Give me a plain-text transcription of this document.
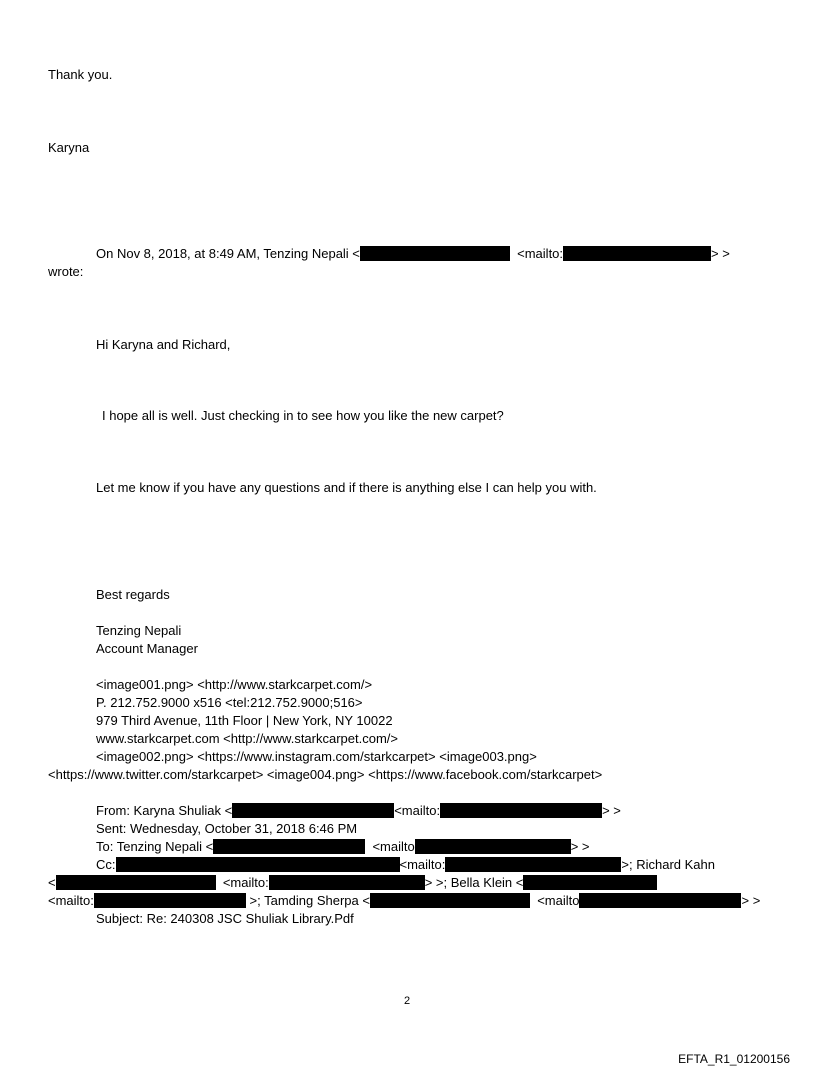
Thank you.
Karyna
On Nov 8, 2018, at 8:49 AM, Tenzing Nepali <	<mailto:	> >
wrote:
Hi Karyna and Richard,
I hope all is well. Just checking in to see how you like the new carpet?
Let me know if you have any questions and if there is anything else I can help you with.
Best regards
Tenzing Nepali
Account Manager
<image001.png> <http://www.starkcarpet.com/>
P. 212.752.9000 x516 <tel:212.752.9000;516>
979 Third Avenue, 11th Floor | New York, NY 10022
www.starkcarpet.com <http://www.starkcarpet.com/>
<image002.png> <https://www.instagram.com/starkcarpet> <image003.png>
<https://www.twitter.com/starkcarpet> <image004.png> <https://www.facebook.com/starkcarpet>
From: Karyna Shuliak <	<mailto:	> >
Sent: Wednesday, October 31, 2018 6:46 PM
To: Tenzing Nepali <	<mailto	> >
Cc:	<mailto:	>; Richard Kahn
<	<mailto:	> >; Bella Klein <
<mailto:	>; Tamding Sherpa <	<mailto	> >
Subject: Re: 240308 JSC Shuliak Library.Pdf
2
EFTA_R1_01200156
